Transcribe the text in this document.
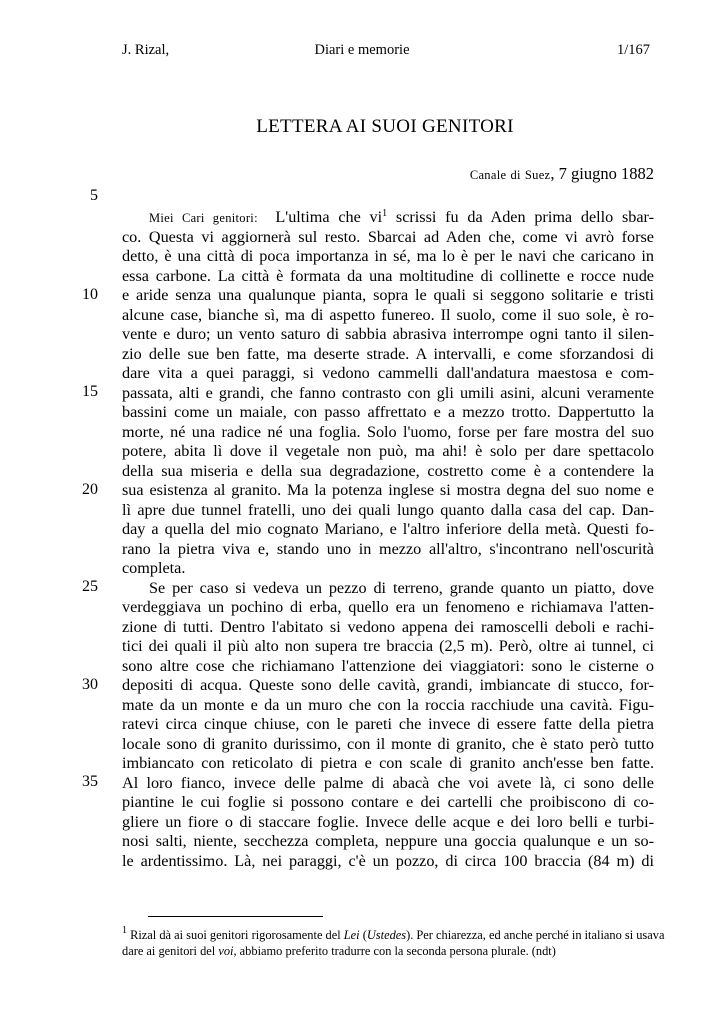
J. Rizal,	Diari e memorie	1/167
LETTERA AI SUOI GENITORI
Canale di Suez, 7 giugno 1882
5
10
15
20
25
30
35
Miei Cari genitori: L'ultima che $vi^1$ scrissi fu da Aden prima dello sbar-
co. Questa vi aggiornerà sul resto. Sbarcai ad Aden che, come vi avrò forse
detto, è una città di poca importanza in sé, ma lo è per le navi che caricano in
essa carbone. La città è formata da una moltitudine di collinette e rocce nude
e aride senza una qualunque pianta, sopra le quali si seggono solitarie e tristi
alcune case, bianche sì, ma di aspetto funereo. Il suolo, come il suo sole, è ro-
vente e duro; un vento saturo di sabbia abrasiva interrompe ogni tanto il silen-
zio delle sue ben fatte, ma deserte strade. A intervalli, e come sforzandosi di
dare vita a quei paraggi, si vedono cammelli dall'andatura maestosa e com-
passata, alti e grandi, che fanno contrasto con gli umili asini, alcuni veramente
bassini come un maiale, con passo affrettato e a mezzo trotto. Dappertutto la
morte, né una radice né una foglia. Solo l'uomo, forse per fare mostra del suo
potere, abita lì dove il vegetale non può, ma ahi! è solo per dare spettacolo
della sua miseria e della sua degradazione, costretto come è a contendere la
sua esistenza al granito. Ma la potenza inglese si mostra degna del suo nome e
lì apre due tunnel fratelli, uno dei quali lungo quanto dalla casa del cap. Dan-
day a quella del mio cognato Mariano, e l'altro inferiore della metà. Questi fo-
rano la pietra viva e, stando uno in mezzo all'altro, s'incontrano nell'oscurità
completa.
Se per caso si vedeva un pezzo di terreno, grande quanto un piatto, dove
verdeggiava un pochino di erba, quello era un fenomeno e richiamava l'atten-
zione di tutti. Dentro l'abitato si vedono appena dei ramoscelli deboli e rachi-
tici dei quali il più alto non supera tre braccia (2,5 m). Però, oltre ai tunnel, ci
sono altre cose che richiamano l'attenzione dei viaggiatori: sono le cisterne o
depositi di acqua. Queste sono delle cavità, grandi, imbiancate di stucco, for-
mate da un monte e da un muro che con la roccia racchiude una cavità. Figu-
ratevi circa cinque chiuse, con le pareti che invece di essere fatte della pietra
locale sono di granito durissimo, con il monte di granito, che è stato però tutto
imbiancato con reticolato di pietra e con scale di granito anch'esse ben fatte.
Al loro fianco, invece delle palme di abacà che voi avete là, ci sono delle
piantine le cui foglie si possono contare e dei cartelli che proibiscono di co-
gliere un fiore o di staccare foglie. Invece delle acque e dei loro belli e turbi-
nosi salti, niente, secchezza completa, neppure una goccia qualunque e un so-
le ardentissimo. Là, nei paraggi, c'è un pozzo, di circa 100 braccia (84 m) di
$^1$ Rizal dà ai suoi genitori rigorosamente del Lei (Ustedes). Per chiarezza, ed anche perché in italiano si usava
dare ai genitori del voi, abbiamo preferito tradurre con la seconda persona plurale. (ndt)
